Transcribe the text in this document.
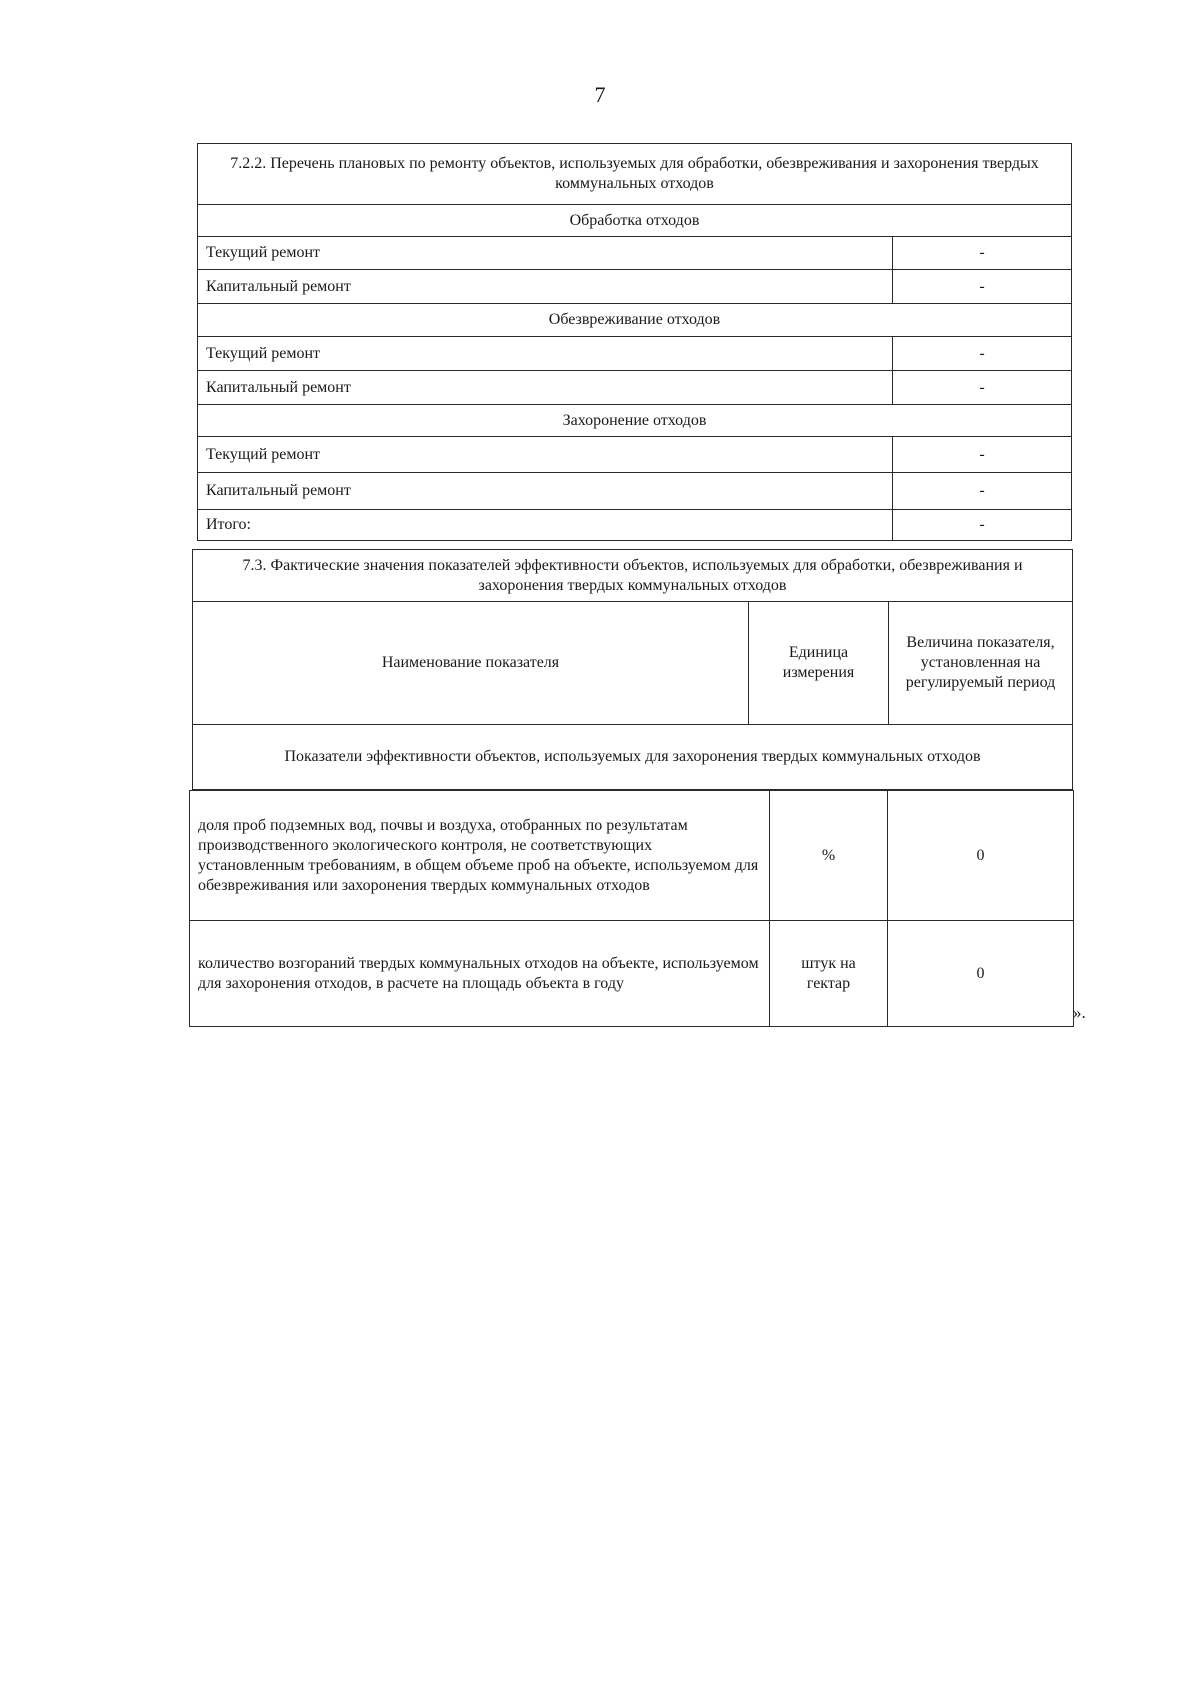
7
7.2.2. Перечень плановых по ремонту объектов, используемых для обработки, обезвреживания и захоронения твердых коммунальных отходов	
Обработка отходов	
Текущий ремонт	-
Капитальный ремонт	-
Обезвреживание отходов	
Текущий ремонт	-
Капитальный ремонт	-
Захоронение отходов	
Текущий ремонт	-
Капитальный ремонт	-
Итого:	-
7.3. Фактические значения показателей эффективности объектов, используемых для обработки, обезвреживания и захоронения твердых коммунальных отходов
Наименование показателя	Единица измерения	Величина показателя, установленная на регулируемый период
Показатели эффективности объектов, используемых для захоронения твердых коммунальных отходов
доля проб подземных вод, почвы и воздуха, отобранных по результатам производственного экологического контроля, не соответствующих установленным требованиям, в общем объеме проб на объекте, используемом для обезвреживания или захоронения твердых коммунальных отходов	%	0
количество возгораний твердых коммунальных отходов на объекте, используемом для захоронения отходов, в расчете на площадь объекта в году	штук на гектар	0
».
